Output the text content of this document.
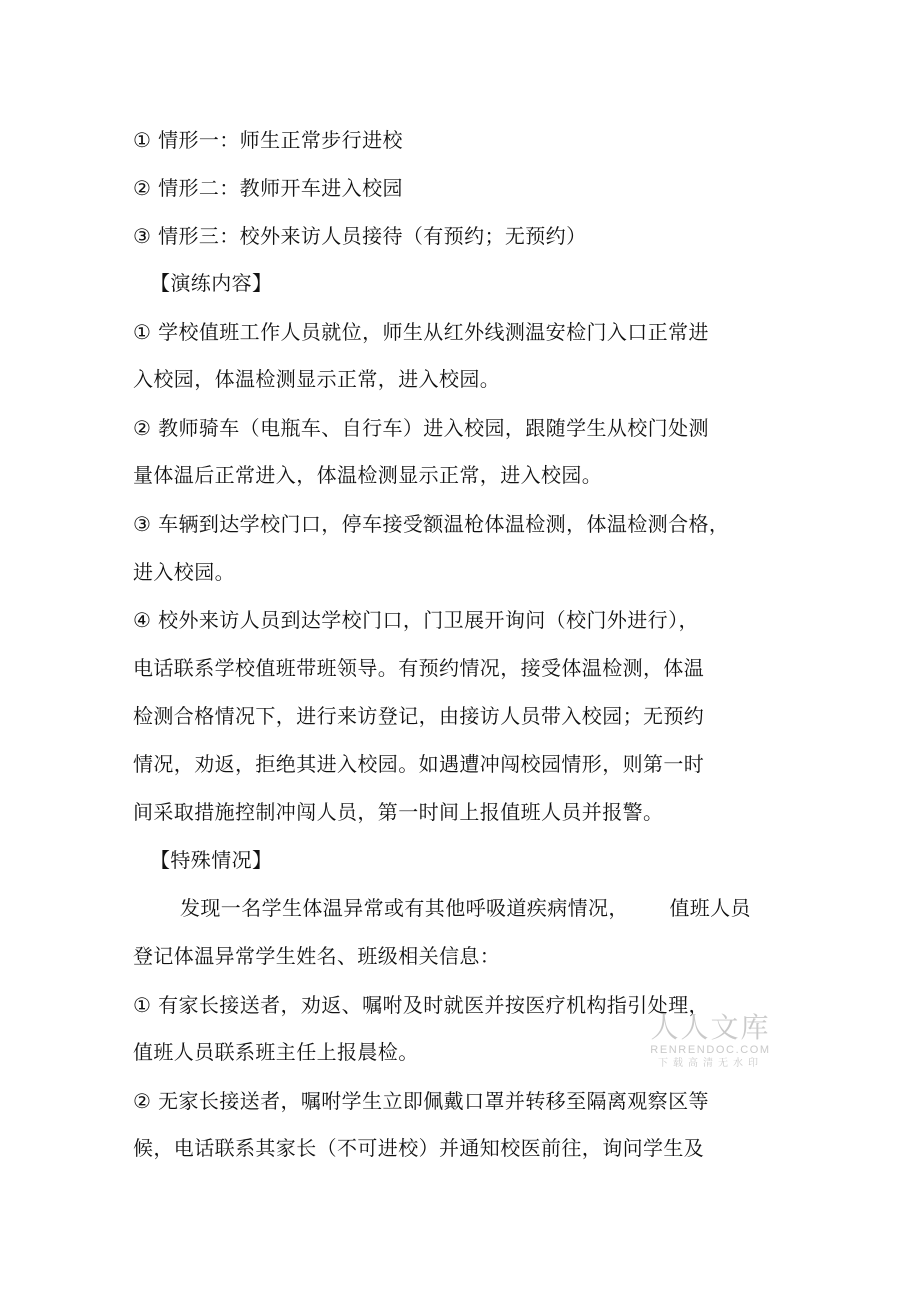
① 情形一：师生正常步行进校
② 情形二：教师开车进入校园
③ 情形三：校外来访人员接待（有预约；无预约）
【演练内容】
① 学校值班工作人员就位，师生从红外线测温安检门入口正常进
入校园，体温检测显示正常，进入校园。
② 教师骑车（电瓶车、自行车）进入校园，跟随学生从校门处测
量体温后正常进入，体温检测显示正常，进入校园。
③ 车辆到达学校门口，停车接受额温枪体温检测，体温检测合格，
进入校园。
④ 校外来访人员到达学校门口，门卫展开询问（校门外进行），
电话联系学校值班带班领导。有预约情况，接受体温检测，体温
检测合格情况下，进行来访登记，由接访人员带入校园；无预约
情况，劝返，拒绝其进入校园。如遇遭冲闯校园情形，则第一时
间采取措施控制冲闯人员，第一时间上报值班人员并报警。
【特殊情况】
发现一名学生体温异常或有其他呼吸道疾病情况，      值班人员
登记体温异常学生姓名、班级相关信息：
① 有家长接送者，劝返、嘱咐及时就医并按医疗机构指引处理，
值班人员联系班主任上报晨检。
② 无家长接送者，嘱咐学生立即佩戴口罩并转移至隔离观察区等
候，电话联系其家长（不可进校）并通知校医前往，询问学生及
人人文库
RENRENDOC.COM
下载高清无水印
